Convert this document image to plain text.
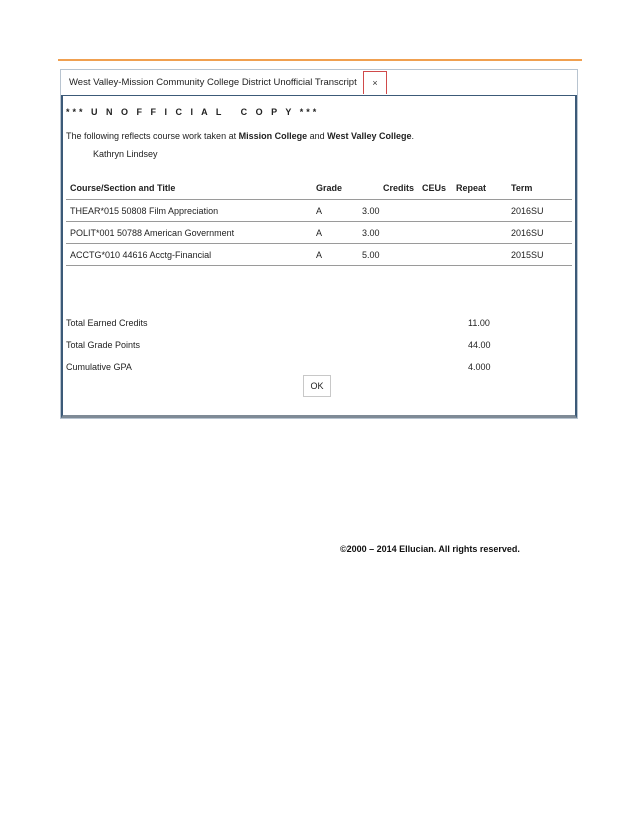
West Valley-Mission Community College District Unofficial Transcript	×
*** U N O F F I C I A L   C O P Y ***
The following reflects course work taken at Mission College and West Valley College.
Kathryn Lindsey
Course/Section and Title	Grade	Credits	CEUs	Repeat	Term
THEAR*015 50808 Film Appreciation	A	3.00			2016SU
POLIT*001 50788 American Government	A	3.00			2016SU
ACCTG*010 44616 Acctg-Financial	A	5.00			2015SU
Total Earned Credits	11.00
Total Grade Points	44.00
Cumulative GPA	4.000
OK
©2000 – 2014 Ellucian. All rights reserved.
